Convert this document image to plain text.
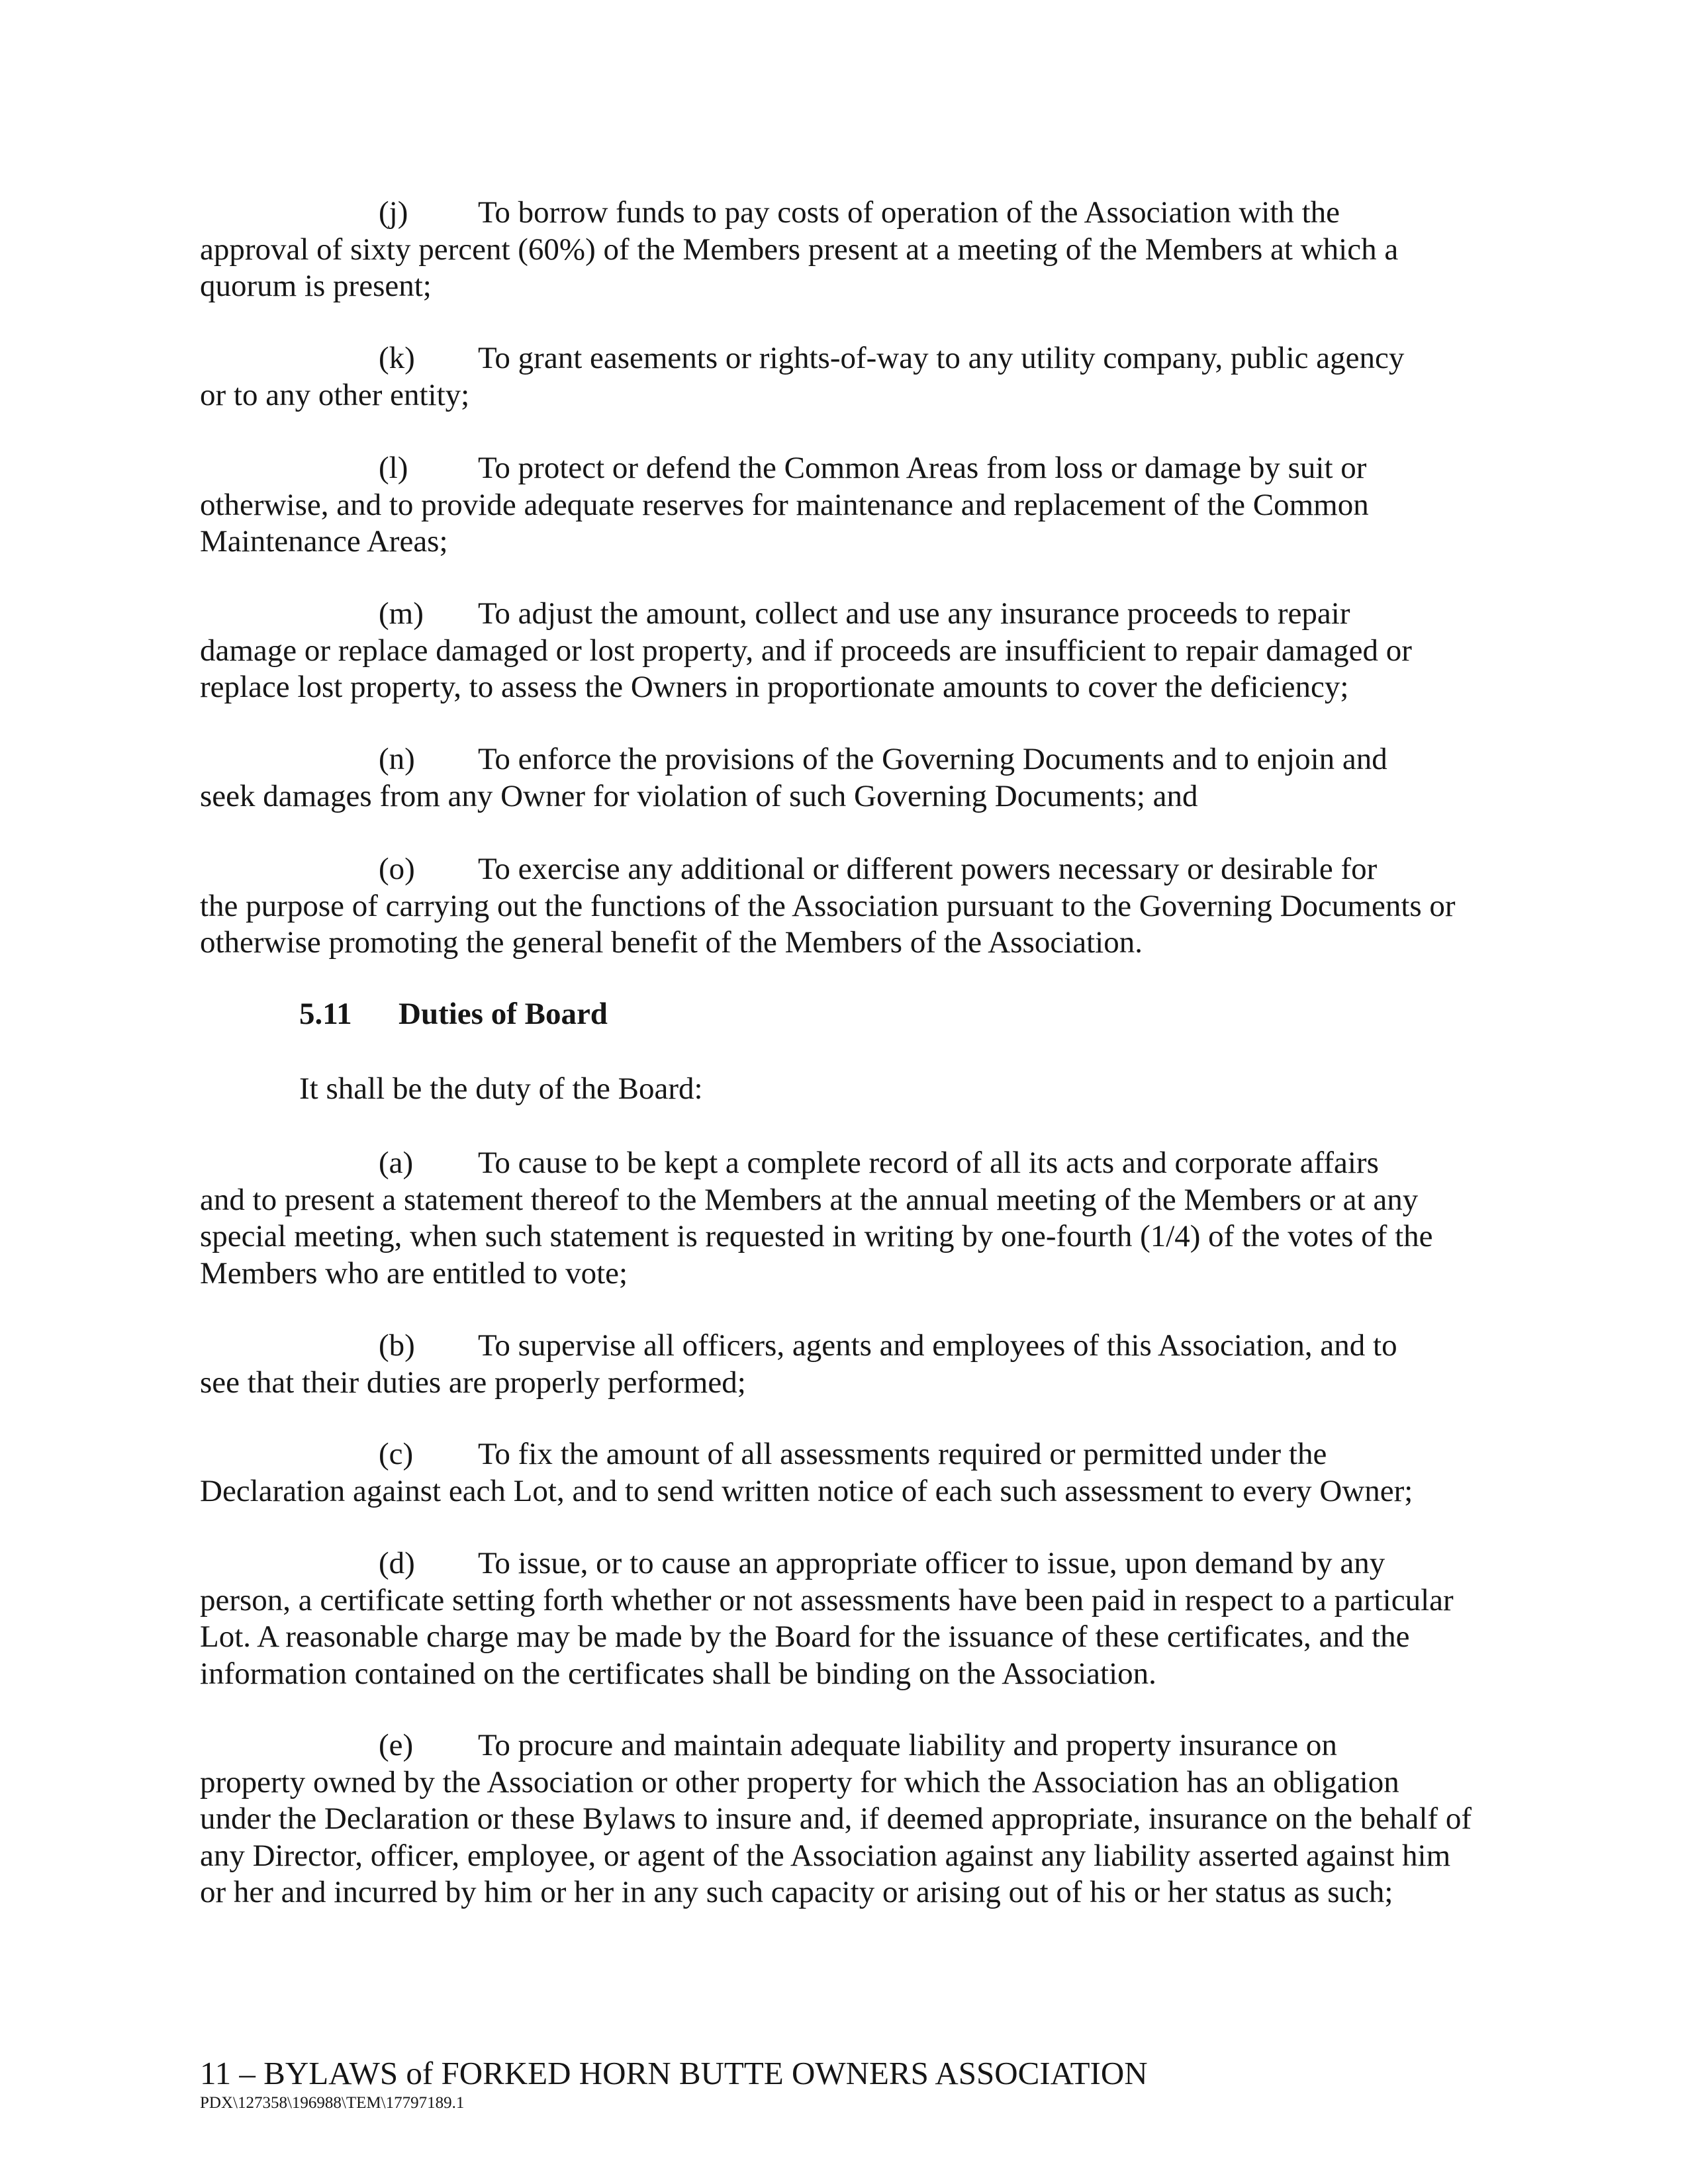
(j) To borrow funds to pay costs of operation of the Association with the
approval of sixty percent (60%) of the Members present at a meeting of the Members at which a quorum is present;

(k) To grant easements or rights-of-way to any utility company, public agency
or to any other entity;

(l) To protect or defend the Common Areas from loss or damage by suit or
otherwise, and to provide adequate reserves for maintenance and replacement of the Common Maintenance Areas;

(m) To adjust the amount, collect and use any insurance proceeds to repair
damage or replace damaged or lost property, and if proceeds are insufficient to repair damaged or replace lost property, to assess the Owners in proportionate amounts to cover the deficiency;

(n) To enforce the provisions of the Governing Documents and to enjoin and
seek damages from any Owner for violation of such Governing Documents; and

(o) To exercise any additional or different powers necessary or desirable for
the purpose of carrying out the functions of the Association pursuant to the Governing Documents or otherwise promoting the general benefit of the Members of the Association.

5.11 Duties of Board
It shall be the duty of the Board:

(a) To cause to be kept a complete record of all its acts and corporate affairs
and to present a statement thereof to the Members at the annual meeting of the Members or at any special meeting, when such statement is requested in writing by one-fourth (1/4) of the votes of the Members who are entitled to vote;

(b) To supervise all officers, agents and employees of this Association, and to
see that their duties are properly performed;

(c) To fix the amount of all assessments required or permitted under the
Declaration against each Lot, and to send written notice of each such assessment to every Owner;

(d) To issue, or to cause an appropriate officer to issue, upon demand by any
person, a certificate setting forth whether or not assessments have been paid in respect to a particular Lot. A reasonable charge may be made by the Board for the issuance of these certificates, and the information contained on the certificates shall be binding on the Association.

(e) To procure and maintain adequate liability and property insurance on
property owned by the Association or other property for which the Association has an obligation under the Declaration or these Bylaws to insure and, if deemed appropriate, insurance on the behalf of any Director, officer, employee, or agent of the Association against any liability asserted against him or her and incurred by him or her in any such capacity or arising out of his or her status as such;

11 – BYLAWS of FORKED HORN BUTTE OWNERS ASSOCIATION
PDX\127358\196988\TEM\17797189.1
